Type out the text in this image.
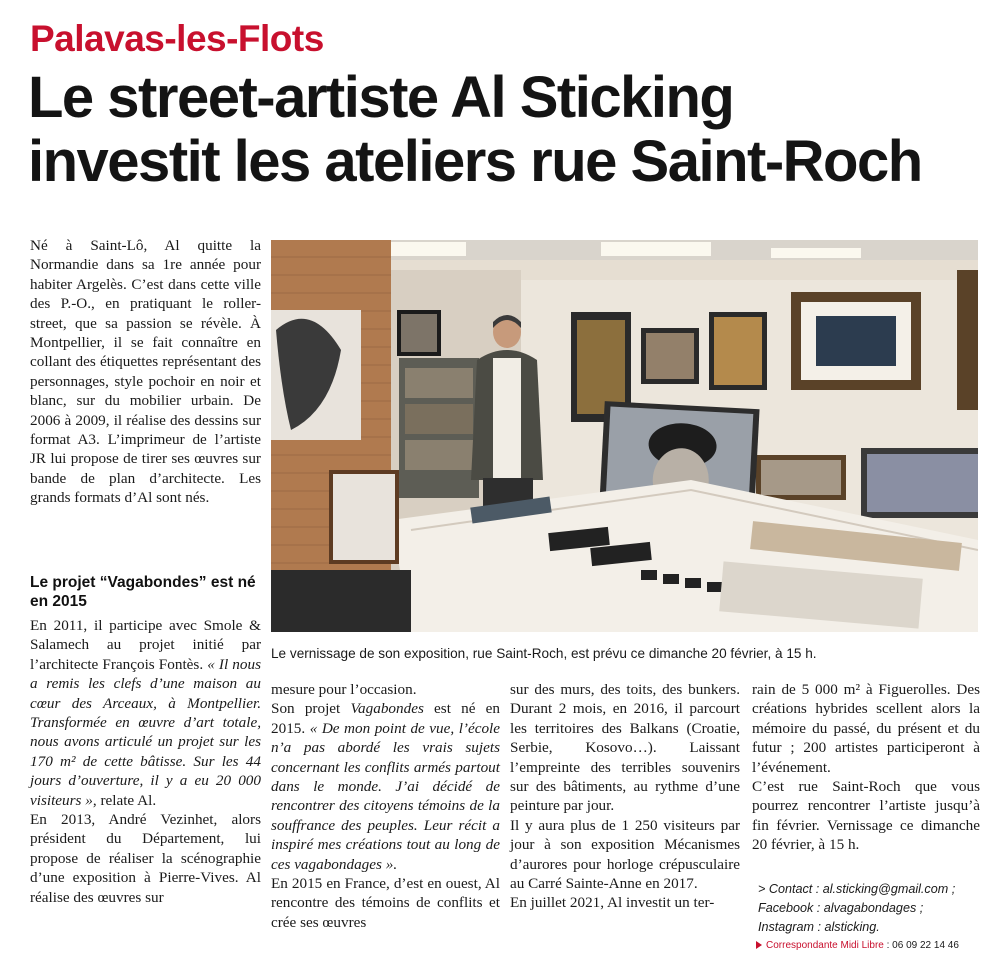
Palavas-les-Flots
Le street-artiste Al Sticking
investit les ateliers rue Saint-Roch

Né à Saint-Lô, Al quitte la Normandie dans sa 1re année pour habiter Argelès. C’est dans cette ville des P.-O., en pratiquant le roller-street, que sa passion se révèle. À Montpellier, il se fait connaître en collant des étiquettes représentant des personnages, style pochoir en noir et blanc, sur du mobilier urbain. De 2006 à 2009, il réalise des dessins sur format A3. L’imprimeur de l’artiste JR lui propose de tirer ses œuvres sur bande de plan d’architecte. Les grands formats d’Al sont nés.

Le projet “Vagabondes” est né en 2015

En 2011, il participe avec Smole & Salamech au projet initié par l’architecte François Fontès. « Il nous a remis les clefs d’une maison au cœur des Arceaux, à Montpellier. Transformée en œuvre d’art totale, nous avons articulé un projet sur les 170 m² de cette bâtisse. Sur les 44 jours d’ouverture, il y a eu 20 000 visiteurs », relate Al.

En 2013, André Vezinhet, alors président du Département, lui propose de réaliser la scénographie d’une exposition à Pierre-Vives. Al réalise des œuvres sur

Le vernissage de son exposition, rue Saint-Roch, est prévu ce dimanche 20 février, à 15 h.

mesure pour l’occasion.

Son projet Vagabondes est né en 2015. « De mon point de vue, l’école n’a pas abordé les vrais sujets concernant les conflits armés partout dans le monde. J’ai décidé de rencontrer des citoyens témoins de la souffrance des peuples. Leur récit a inspiré mes créations tout au long de ces vagabondages ».

En 2015 en France, d’est en ouest, Al rencontre des témoins de conflits et crée ses œuvres

sur des murs, des toits, des bunkers. Durant 2 mois, en 2016, il parcourt les territoires des Balkans (Croatie, Serbie, Kosovo…). Laissant l’empreinte des terribles souvenirs sur des bâtiments, au rythme d’une peinture par jour.

Il y aura plus de 1 250 visiteurs par jour à son exposition Mécanismes d’aurores pour horloge crépusculaire au Carré Sainte-Anne en 2017.

En juillet 2021, Al investit un ter-

rain de 5 000 m² à Figuerolles. Des créations hybrides scellent alors la mémoire du passé, du présent et du futur ; 200 artistes participeront à l’événement.

C’est rue Saint-Roch que vous pourrez rencontrer l’artiste jusqu’à fin février. Vernissage ce dimanche 20 février, à 15 h.

> Contact : al.sticking@gmail.com ;
Facebook : alvagabondages ;
Instagram : alsticking.
Correspondante Midi Libre : 06 09 22 14 46
